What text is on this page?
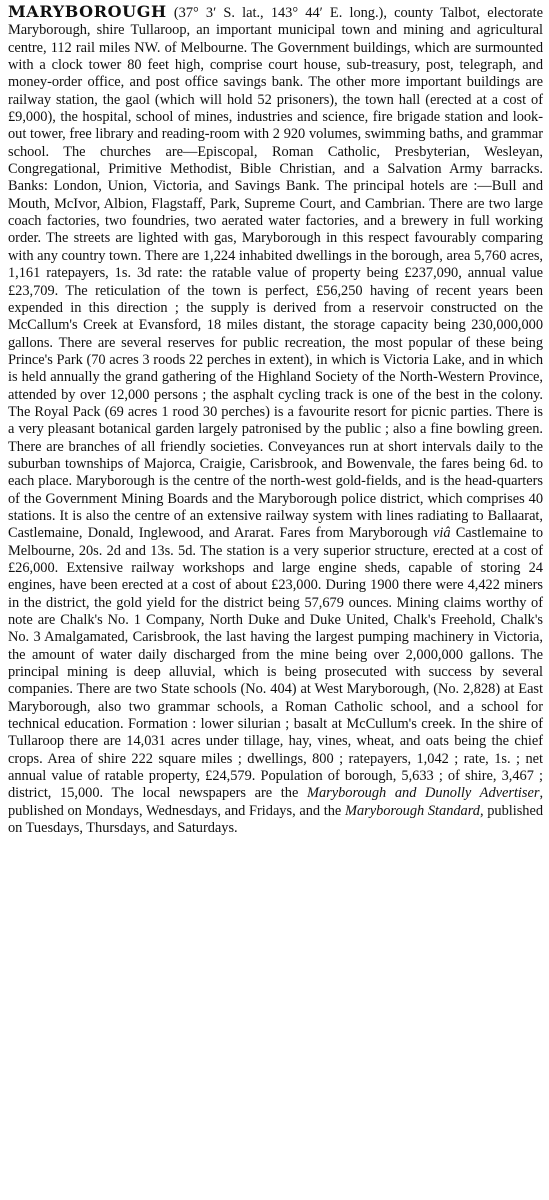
MARYBOROUGH (37° 3′ S. lat., 143° 44′ E. long.), county Talbot, electorate Maryborough, shire Tullaroop, an important municipal town and mining and agricultural centre, 112 rail miles NW. of Melbourne. The Government buildings, which are surmounted with a clock tower 80 feet high, comprise court house, sub-treasury, post, telegraph, and money-order office, and post office savings bank. The other more important buildings are railway station, the gaol (which will hold 52 prisoners), the town hall (erected at a cost of £9,000), the hospital, school of mines, industries and science, fire brigade station and look-out tower, free library and reading-room with 2 920 volumes, swimming baths, and grammar school. The churches are—Episcopal, Roman Catholic, Presbyterian, Wesleyan, Congregational, Primitive Methodist, Bible Christian, and a Salvation Army barracks. Banks: London, Union, Victoria, and Savings Bank. The principal hotels are :—Bull and Mouth, McIvor, Albion, Flagstaff, Park, Supreme Court, and Cambrian. There are two large coach factories, two foundries, two aerated water factories, and a brewery in full working order. The streets are lighted with gas, Maryborough in this respect favourably comparing with any country town. There are 1,224 inhabited dwellings in the borough, area 5,760 acres, 1,161 ratepayers, 1s. 3d rate: the ratable value of property being £237,090, annual value £23,709. The reticulation of the town is perfect, £56,250 having of recent years been expended in this direction ; the supply is derived from a reservoir constructed on the McCallum's Creek at Evansford, 18 miles distant, the storage capacity being 230,000,000 gallons. There are several reserves for public recreation, the most popular of these being Prince's Park (70 acres 3 roods 22 perches in extent), in which is Victoria Lake, and in which is held annually the grand gathering of the Highland Society of the North-Western Province, attended by over 12,000 persons ; the asphalt cycling track is one of the best in the colony. The Royal Pack (69 acres 1 rood 30 perches) is a favourite resort for picnic parties. There is a very pleasant botanical garden largely patronised by the public ; also a fine bowling green. There are branches of all friendly societies. Conveyances run at short intervals daily to the suburban townships of Majorca, Craigie, Carisbrook, and Bowenvale, the fares being 6d. to each place. Maryborough is the centre of the north-west gold-fields, and is the head-quarters of the Government Mining Boards and the Maryborough police district, which comprises 40 stations. It is also the centre of an extensive railway system with lines radiating to Ballaarat, Castlemaine, Donald, Inglewood, and Ararat. Fares from Maryborough viâ Castlemaine to Melbourne, 20s. 2d and 13s. 5d. The station is a very superior structure, erected at a cost of £26,000. Extensive railway workshops and large engine sheds, capable of storing 24 engines, have been erected at a cost of about £23,000. During 1900 there were 4,422 miners in the district, the gold yield for the district being 57,679 ounces. Mining claims worthy of note are Chalk's No. 1 Company, North Duke and Duke United, Chalk's Freehold, Chalk's No. 3 Amalgamated, Carisbrook, the last having the largest pumping machinery in Victoria, the amount of water daily discharged from the mine being over 2,000,000 gallons. The principal mining is deep alluvial, which is being prosecuted with success by several companies. There are two State schools (No. 404) at West Maryborough, (No. 2,828) at East Maryborough, also two grammar schools, a Roman Catholic school, and a school for technical education. Formation : lower silurian ; basalt at McCullum's creek. In the shire of Tullaroop there are 14,031 acres under tillage, hay, vines, wheat, and oats being the chief crops. Area of shire 222 square miles ; dwellings, 800 ; ratepayers, 1,042 ; rate, 1s. ; net annual value of ratable property, £24,579. Population of borough, 5,633 ; of shire, 3,467 ; district, 15,000. The local newspapers are the Maryborough and Dunolly Advertiser, published on Mondays, Wednesdays, and Fridays, and the Maryborough Standard, published on Tuesdays, Thursdays, and Saturdays.
